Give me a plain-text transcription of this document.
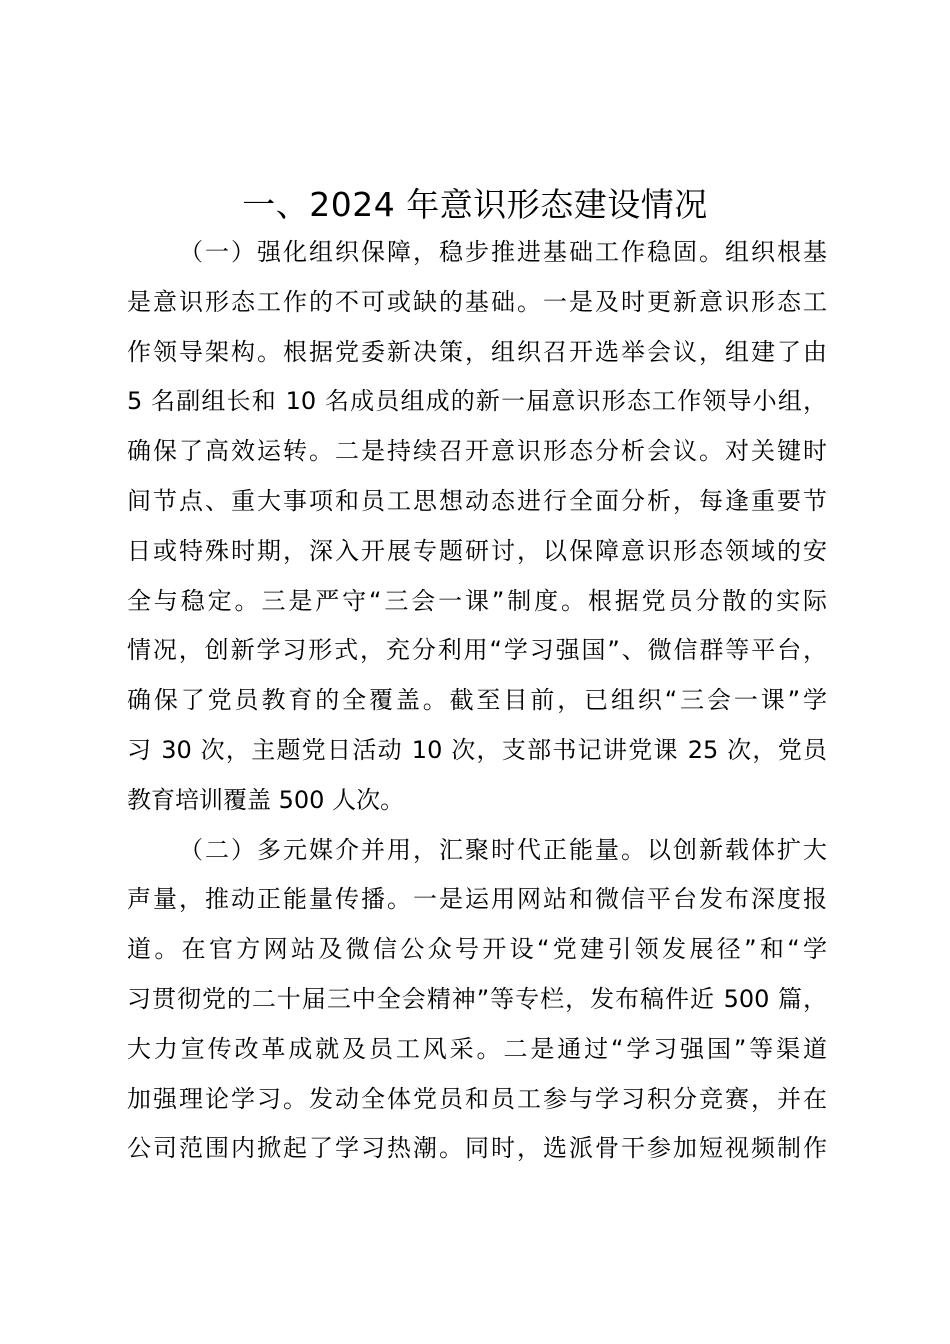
一、2024 年意识形态建设情况
（一）强化组织保障，稳步推进基础工作稳固。组织根基
是意识形态工作的不可或缺的基础。一是及时更新意识形态工
作领导架构。根据党委新决策，组织召开选举会议，组建了由
5 名副组长和 10 名成员组成的新一届意识形态工作领导小组，
确保了高效运转。二是持续召开意识形态分析会议。对关键时
间节点、重大事项和员工思想动态进行全面分析，每逢重要节
日或特殊时期，深入开展专题研讨，以保障意识形态领域的安
全与稳定。三是严守“三会一课”制度。根据党员分散的实际
情况，创新学习形式，充分利用“学习强国”、微信群等平台，
确保了党员教育的全覆盖。截至目前，已组织“三会一课”学
习 30 次，主题党日活动 10 次，支部书记讲党课 25 次，党员
教育培训覆盖 500 人次。
（二）多元媒介并用，汇聚时代正能量。以创新载体扩大
声量，推动正能量传播。一是运用网站和微信平台发布深度报
道。在官方网站及微信公众号开设“党建引领发展径”和“学
习贯彻党的二十届三中全会精神”等专栏，发布稿件近 500 篇，
大力宣传改革成就及员工风采。二是通过“学习强国”等渠道
加强理论学习。发动全体党员和员工参与学习积分竞赛，并在
公司范围内掀起了学习热潮。同时，选派骨干参加短视频制作
